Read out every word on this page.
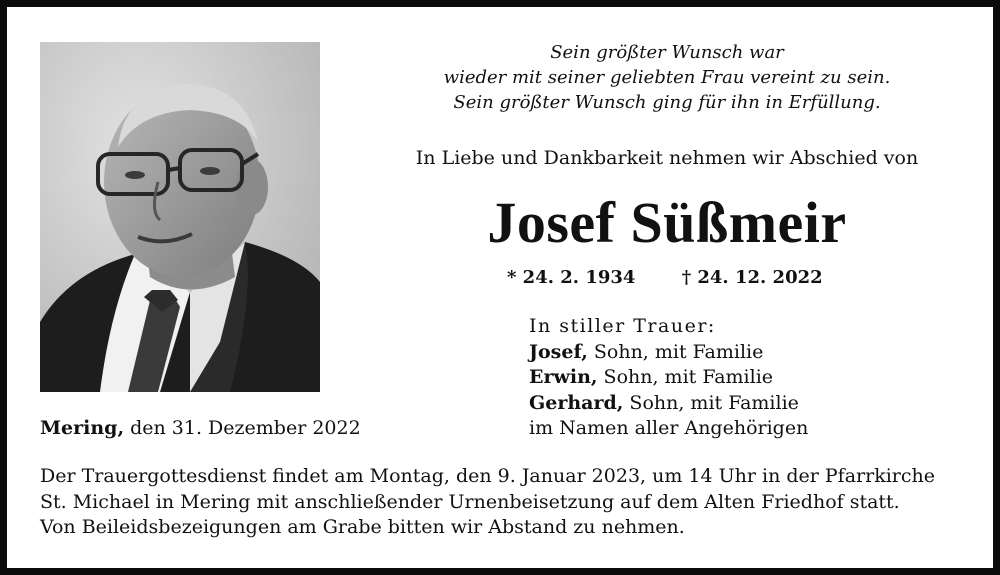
Sein größter Wunsch war
wieder mit seiner geliebten Frau vereint zu sein.
Sein größter Wunsch ging für ihn in Erfüllung.
In Liebe und Dankbarkeit nehmen wir Abschied von
Josef Süßmeir
* 24. 2. 1934	† 24. 12. 2022
In stiller Trauer:
Josef, Sohn, mit Familie
Erwin, Sohn, mit Familie
Gerhard, Sohn, mit Familie
im Namen aller Angehörigen
Mering, den 31. Dezember 2022
Der Trauergottesdienst findet am Montag, den 9. Januar 2023, um 14 Uhr in der Pfarrkirche
St. Michael in Mering mit anschließender Urnenbeisetzung auf dem Alten Friedhof statt.
Von Beileidsbezeigungen am Grabe bitten wir Abstand zu nehmen.
